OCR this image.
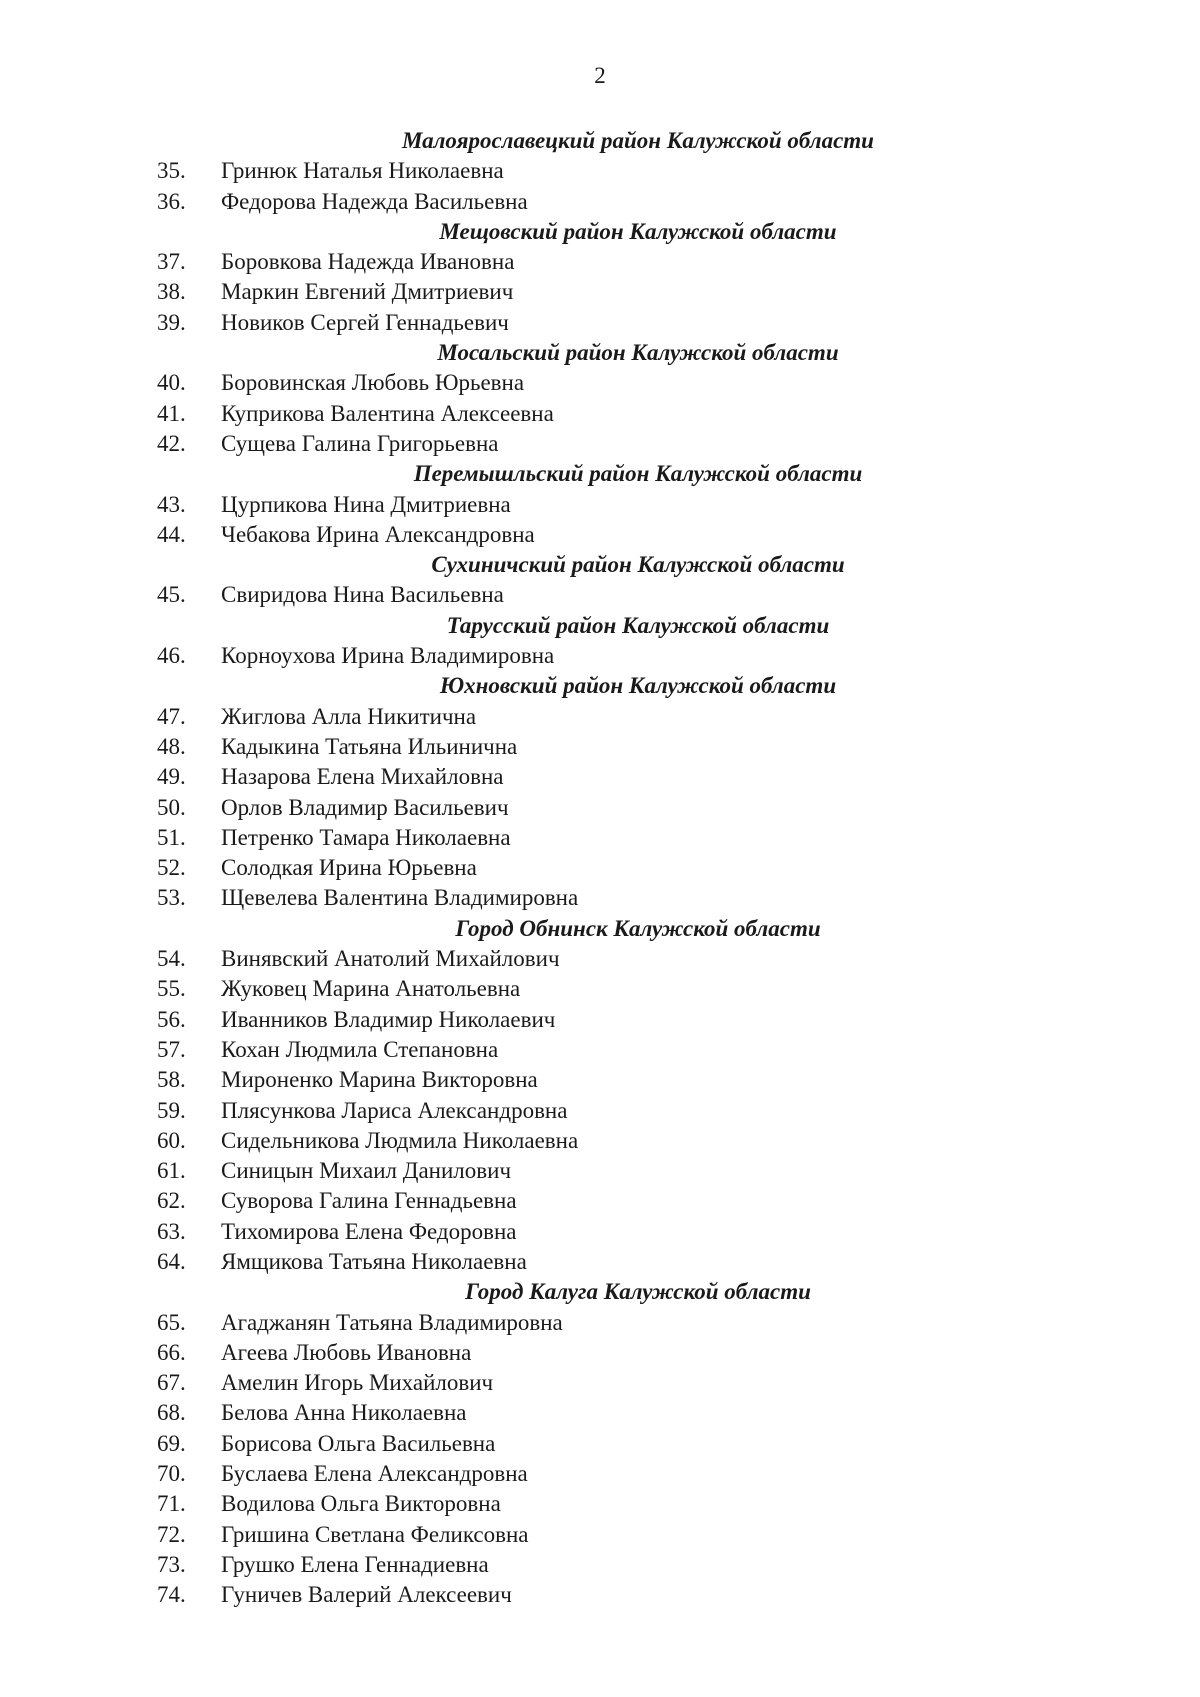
2
Малоярославецкий район Калужской области
35. Гринюк Наталья Николаевна
36. Федорова Надежда Васильевна
Мещовский район Калужской области
37. Боровкова Надежда Ивановна
38. Маркин Евгений Дмитриевич
39. Новиков Сергей Геннадьевич
Мосальский район Калужской области
40. Боровинская Любовь Юрьевна
41. Куприкова Валентина Алексеевна
42. Сущева Галина Григорьевна
Перемышльский район Калужской области
43. Цурпикова Нина Дмитриевна
44. Чебакова Ирина Александровна
Сухиничский район Калужской области
45. Свиридова Нина Васильевна
Тарусский район Калужской области
46. Корноухова Ирина Владимировна
Юхновский район Калужской области
47. Жиглова Алла Никитична
48. Кадыкина Татьяна Ильинична
49. Назарова Елена Михайловна
50. Орлов Владимир Васильевич
51. Петренко Тамара Николаевна
52. Солодкая Ирина Юрьевна
53. Щевелева Валентина Владимировна
Город Обнинск Калужской области
54. Винявский Анатолий Михайлович
55. Жуковец Марина Анатольевна
56. Иванников Владимир Николаевич
57. Кохан Людмила Степановна
58. Мироненко Марина Викторовна
59. Плясункова Лариса Александровна
60. Сидельникова Людмила Николаевна
61. Синицын Михаил Данилович
62. Суворова Галина Геннадьевна
63. Тихомирова Елена Федоровна
64. Ямщикова Татьяна Николаевна
Город Калуга Калужской области
65. Агаджанян Татьяна Владимировна
66. Агеева Любовь Ивановна
67. Амелин Игорь Михайлович
68. Белова Анна Николаевна
69. Борисова Ольга Васильевна
70. Буслаева Елена Александровна
71. Водилова Ольга Викторовна
72. Гришина Светлана Феликсовна
73. Грушко Елена Геннадиевна
74. Гуничев Валерий Алексеевич
